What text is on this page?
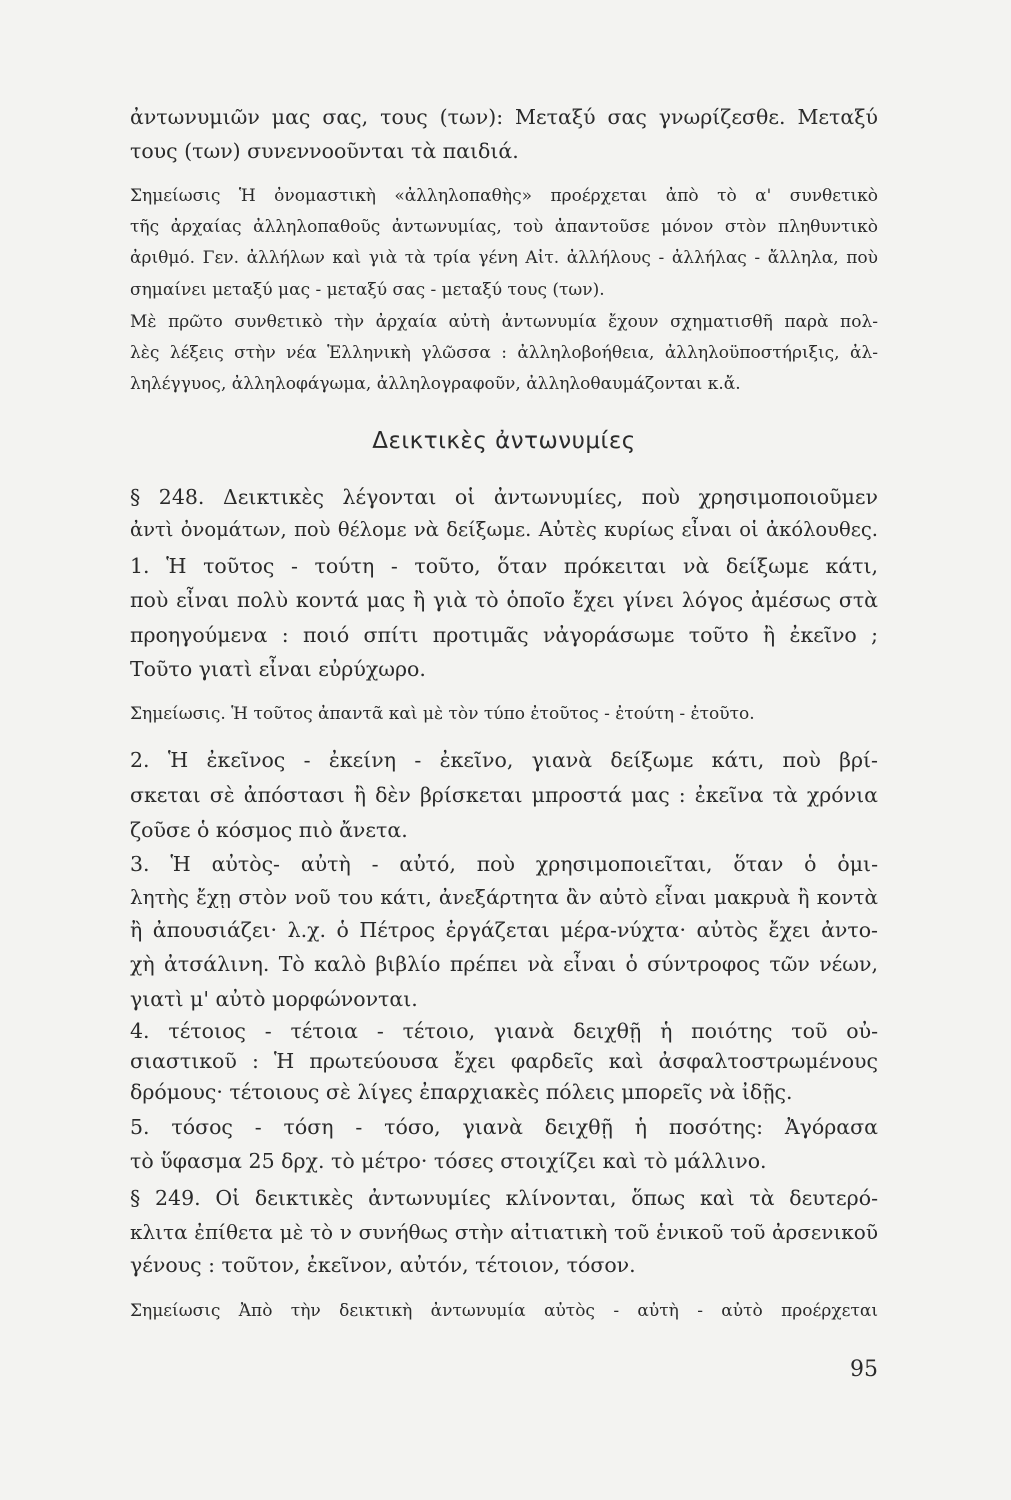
ἀντωνυμιῶν μας σας, τους (των): Μεταξύ σας γνωρίζεσθε. Μεταξύ
τους (των) συνεννοοῦνται τὰ παιδιά.
Σημείωσις Ἡ ὀνομαστικὴ «ἀλληλοπαθὴς» προέρχεται ἀπὸ τὸ α' συνθετικὸ
τῆς ἀρχαίας ἀλληλοπαθοῦς ἀντωνυμίας, τοὺ ἀπαντοῦσε μόνον στὸν πληθυντικὸ
ἀριθμό. Γεν. ἀλλήλων καὶ γιὰ τὰ τρία γένη Αἰτ. ἀλλήλους - ἀλλήλας - ἄλληλα, ποὺ
σημαίνει μεταξύ μας - μεταξύ σας - μεταξύ τους (των).
Μὲ πρῶτο συνθετικὸ τὴν ἀρχαία αὐτὴ ἀντωνυμία ἔχουν σχηματισθῆ παρὰ πολ-
λὲς λέξεις στὴν νέα Ἑλληνικὴ γλῶσσα : ἀλληλοβοήθεια, ἀλληλοϋποστήριξις, ἀλ-
ληλέγγυος, ἀλληλοφάγωμα, ἀλληλογραφοῦν, ἀλληλοθαυμάζονται κ.ἄ.
Δεικτικὲς ἀντωνυμίες
§ 248. Δεικτικὲς λέγονται οἱ ἀντωνυμίες, ποὺ χρησιμοποιοῦμεν
ἀντὶ ὀνομάτων, ποὺ θέλομε νὰ δείξωμε. Αὐτὲς κυρίως εἶναι οἱ ἀκόλουθες.
1. Ἡ τοῦτος - τούτη - τοῦτο, ὅταν πρόκειται νὰ δείξωμε κάτι,
ποὺ εἶναι πολὺ κοντά μας ἢ γιὰ τὸ ὁποῖο ἔχει γίνει λόγος ἀμέσως στὰ
προηγούμενα : ποιό σπίτι προτιμᾶς νἀγοράσωμε τοῦτο ἢ ἐκεῖνο ;
Τοῦτο γιατὶ εἶναι εὐρύχωρο.
Σημείωσις. Ἡ τοῦτος ἀπαντᾶ καὶ μὲ τὸν τύπο ἐτοῦτος - ἐτούτη - ἐτοῦτο.
2. Ἡ ἐκεῖνος - ἐκείνη - ἐκεῖνο, γιανὰ δείξωμε κάτι, ποὺ βρί-
σκεται σὲ ἀπόστασι ἢ δὲν βρίσκεται μπροστά μας : ἐκεῖνα τὰ χρόνια
ζοῦσε ὁ κόσμος πιὸ ἄνετα.
3. Ἡ αὐτὸς- αὐτὴ - αὐτό, ποὺ χρησιμοποιεῖται, ὅταν ὁ ὁμι-
λητὴς ἔχῃ στὸν νοῦ του κάτι, ἀνεξάρτητα ἂν αὐτὸ εἶναι μακρυὰ ἢ κοντὰ
ἢ ἀπουσιάζει· λ.χ. ὁ Πέτρος ἐργάζεται μέρα-νύχτα· αὐτὸς ἔχει ἀντο-
χὴ ἀτσάλινη. Τὸ καλὸ βιβλίο πρέπει νὰ εἶναι ὁ σύντροφος τῶν νέων,
γιατὶ μ' αὐτὸ μορφώνονται.
4. τέτοιος - τέτοια - τέτοιο, γιανὰ δειχθῇ ἡ ποιότης τοῦ οὐ-
σιαστικοῦ : Ἡ πρωτεύουσα ἔχει φαρδεῖς καὶ ἀσφαλτοστρωμένους
δρόμους· τέτοιους σὲ λίγες ἐπαρχιακὲς πόλεις μπορεῖς νὰ ἰδῇς.
5. τόσος - τόση - τόσο, γιανὰ δειχθῇ ἡ ποσότης: Ἀγόρασα
τὸ ὕφασμα 25 δρχ. τὸ μέτρο· τόσες στοιχίζει καὶ τὸ μάλλινο.
§ 249. Οἱ δεικτικὲς ἀντωνυμίες κλίνονται, ὅπως καὶ τὰ δευτερό-
κλιτα ἐπίθετα μὲ τὸ ν συνήθως στὴν αἰτιατικὴ τοῦ ἑνικοῦ τοῦ ἀρσενικοῦ
γένους : τοῦτον, ἐκεῖνον, αὐτόν, τέτοιον, τόσον.
Σημείωσις Ἀπὸ τὴν δεικτικὴ ἀντωνυμία αὐτὸς - αὐτὴ - αὐτὸ προέρχεται
95
